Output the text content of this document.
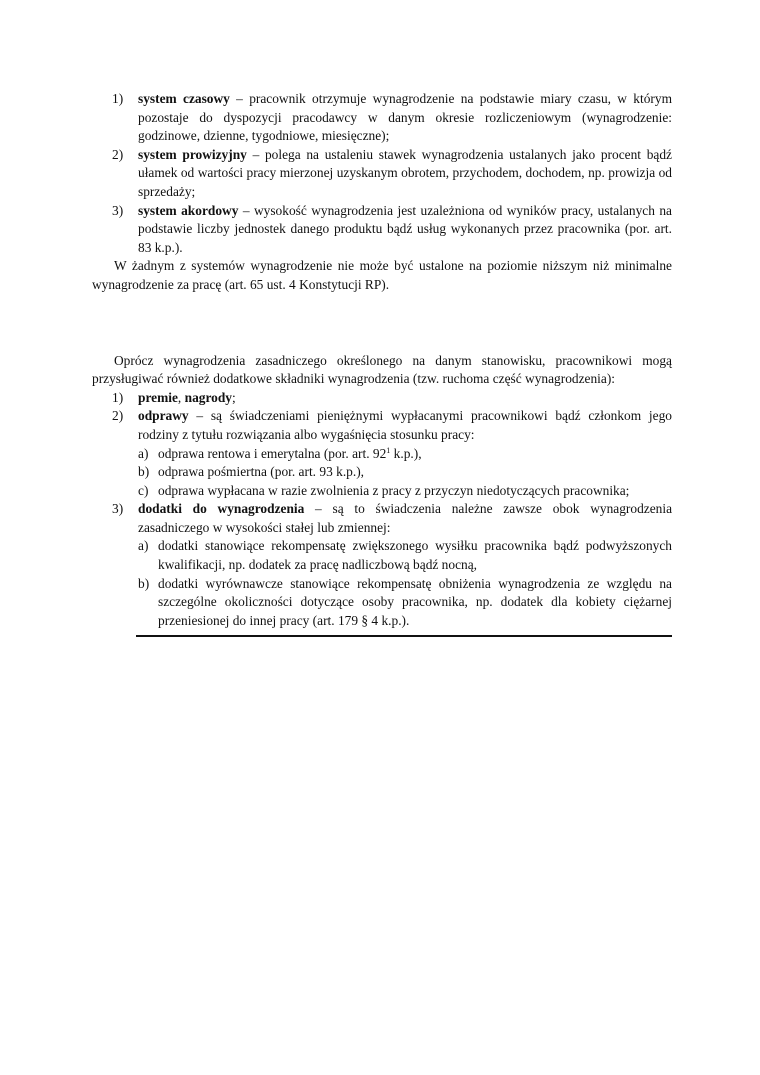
1) system czasowy – pracownik otrzymuje wynagrodzenie na podstawie miary czasu, w którym pozostaje do dyspozycji pracodawcy w danym okresie rozliczeniowym (wynagrodzenie: godzinowe, dzienne, tygodniowe, miesięczne);
2) system prowizyjny – polega na ustaleniu stawek wynagrodzenia ustalanych jako procent bądź ułamek od wartości pracy mierzonej uzyskanym obrotem, przychodem, dochodem, np. prowizja od sprzedaży;
3) system akordowy – wysokość wynagrodzenia jest uzależniona od wyników pracy, ustalanych na podstawie liczby jednostek danego produktu bądź usług wykonanych przez pracownika (por. art. 83 k.p.).

W żadnym z systemów wynagrodzenie nie może być ustalone na poziomie niższym niż minimalne wynagrodzenie za pracę (art. 65 ust. 4 Konstytucji RP).

Oprócz wynagrodzenia zasadniczego określonego na danym stanowisku, pracownikowi mogą przysługiwać również dodatkowe składniki wynagrodzenia (tzw. ruchoma część wynagrodzenia):

1) premie, nagrody;
2) odprawy – są świadczeniami pieniężnymi wypłacanymi pracownikowi bądź członkom jego rodziny z tytułu rozwiązania albo wygaśnięcia stosunku pracy:
a) odprawa rentowa i emerytalna (por. art. $92^1$ k.p.),
b) odprawa pośmiertna (por. art. 93 k.p.),
c) odprawa wypłacana w razie zwolnienia z pracy z przyczyn niedotyczących pracownika;
3) dodatki do wynagrodzenia – są to świadczenia należne zawsze obok wynagrodzenia zasadniczego w wysokości stałej lub zmiennej:
a) dodatki stanowiące rekompensatę zwiększonego wysiłku pracownika bądź podwyższonych kwalifikacji, np. dodatek za pracę nadliczbową bądź nocną,
b) dodatki wyrównawcze stanowiące rekompensatę obniżenia wynagrodzenia ze względu na szczególne okoliczności dotyczące osoby pracownika, np. dodatek dla kobiety ciężarnej przeniesionej do innej pracy (art. 179 § 4 k.p.).
